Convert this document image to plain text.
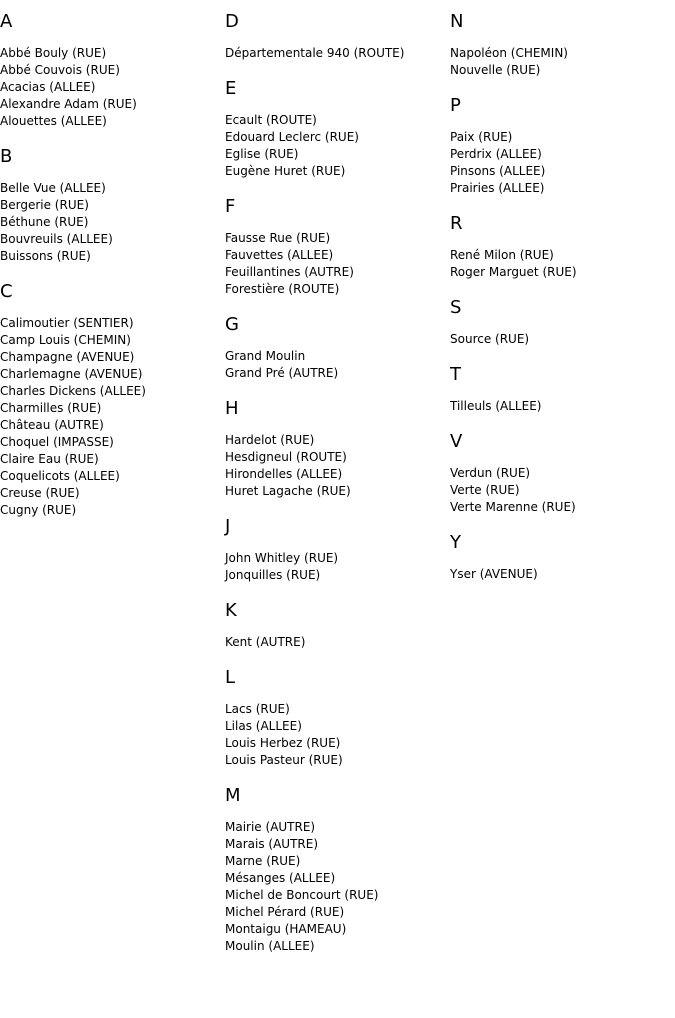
A
Abbé Bouly (RUE)
Abbé Couvois (RUE)
Acacias (ALLEE)
Alexandre Adam (RUE)
Alouettes (ALLEE)
B
Belle Vue (ALLEE)
Bergerie (RUE)
Béthune (RUE)
Bouvreuils (ALLEE)
Buissons (RUE)
C
Calimoutier (SENTIER)
Camp Louis (CHEMIN)
Champagne (AVENUE)
Charlemagne (AVENUE)
Charles Dickens (ALLEE)
Charmilles (RUE)
Château (AUTRE)
Choquel (IMPASSE)
Claire Eau (RUE)
Coquelicots (ALLEE)
Creuse (RUE)
Cugny (RUE)
D
Départementale 940 (ROUTE)
E
Ecault (ROUTE)
Edouard Leclerc (RUE)
Eglise (RUE)
Eugène Huret (RUE)
F
Fausse Rue (RUE)
Fauvettes (ALLEE)
Feuillantines (AUTRE)
Forestière (ROUTE)
G
Grand Moulin
Grand Pré (AUTRE)
H
Hardelot (RUE)
Hesdigneul (ROUTE)
Hirondelles (ALLEE)
Huret Lagache (RUE)
J
John Whitley (RUE)
Jonquilles (RUE)
K
Kent (AUTRE)
L
Lacs (RUE)
Lilas (ALLEE)
Louis Herbez (RUE)
Louis Pasteur (RUE)
M
Mairie (AUTRE)
Marais (AUTRE)
Marne (RUE)
Mésanges (ALLEE)
Michel de Boncourt (RUE)
Michel Pérard (RUE)
Montaigu (HAMEAU)
Moulin (ALLEE)
N
Napoléon (CHEMIN)
Nouvelle (RUE)
P
Paix (RUE)
Perdrix (ALLEE)
Pinsons (ALLEE)
Prairies (ALLEE)
R
René Milon (RUE)
Roger Marguet (RUE)
S
Source (RUE)
T
Tilleuls (ALLEE)
V
Verdun (RUE)
Verte (RUE)
Verte Marenne (RUE)
Y
Yser (AVENUE)
